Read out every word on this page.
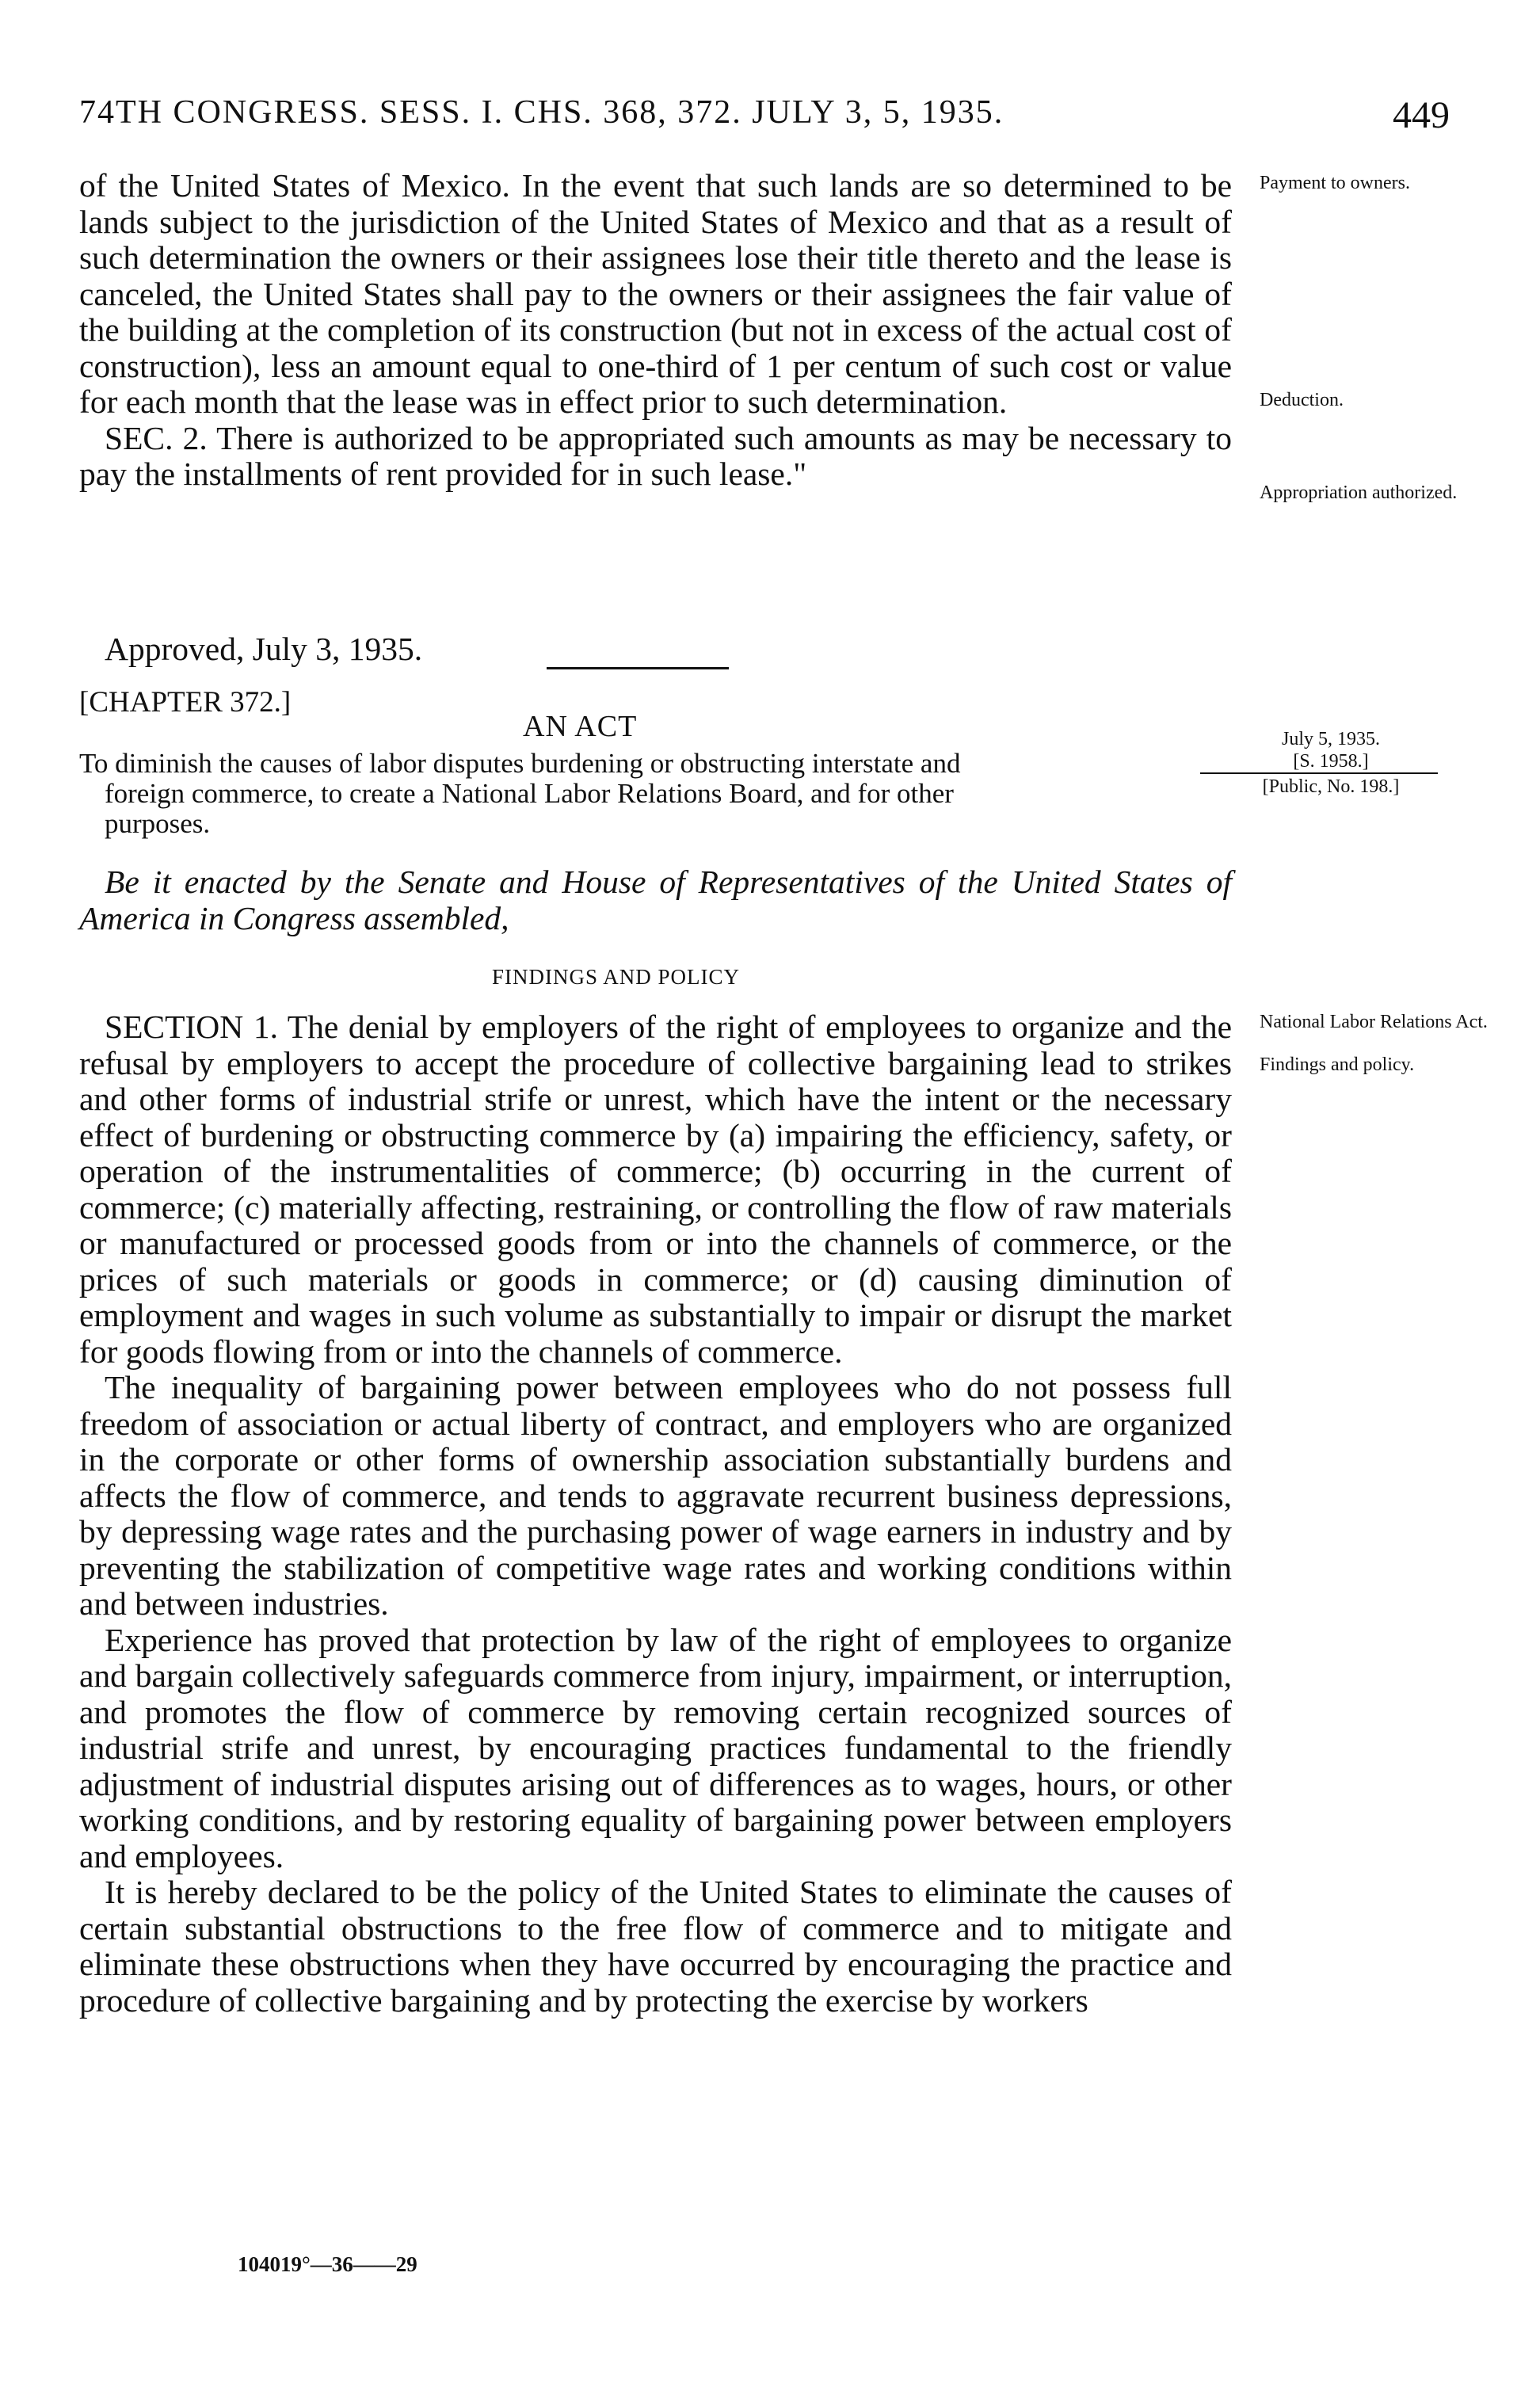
74TH CONGRESS. SESS. I. CHS. 368, 372. JULY 3, 5, 1935.	449

of the United States of Mexico. In the event that such lands are so determined to be lands subject to the jurisdiction of the United States of Mexico and that as a result of such determination the owners or their assignees lose their title thereto and the lease is canceled, the United States shall pay to the owners or their assignees the fair value of the building at the completion of its construction (but not in excess of the actual cost of construction), less an amount equal to one-third of 1 per centum of such cost or value for each month that the lease was in effect prior to such determination.

SEC. 2. There is authorized to be appropriated such amounts as may be necessary to pay the installments of rent provided for in such lease."

Approved, July 3, 1935.
Payment to owners.
Deduction.
Appropriation authorized.
[CHAPTER 372.]
AN ACT	July 5, 1935.
[S. 1958.]
[Public, No. 198.]
To diminish the causes of labor disputes burdening or obstructing interstate and
foreign commerce, to create a National Labor Relations Board, and for other
purposes.
Be it enacted by the Senate and House of Representatives of the United States of America in Congress assembled,
FINDINGS AND POLICY
National Labor Relations Act.
Findings and policy.

SECTION 1. The denial by employers of the right of employees to organize and the refusal by employers to accept the procedure of collective bargaining lead to strikes and other forms of industrial strife or unrest, which have the intent or the necessary effect of burdening or obstructing commerce by (a) impairing the efficiency, safety, or operation of the instrumentalities of commerce; (b) occurring in the current of commerce; (c) materially affecting, restraining, or controlling the flow of raw materials or manufactured or processed goods from or into the channels of commerce, or the prices of such materials or goods in commerce; or (d) causing diminution of employment and wages in such volume as substantially to impair or disrupt the market for goods flowing from or into the channels of commerce.

The inequality of bargaining power between employees who do not possess full freedom of association or actual liberty of contract, and employers who are organized in the corporate or other forms of ownership association substantially burdens and affects the flow of commerce, and tends to aggravate recurrent business depressions, by depressing wage rates and the purchasing power of wage earners in industry and by preventing the stabilization of competitive wage rates and working conditions within and between industries.

Experience has proved that protection by law of the right of employees to organize and bargain collectively safeguards commerce from injury, impairment, or interruption, and promotes the flow of commerce by removing certain recognized sources of industrial strife and unrest, by encouraging practices fundamental to the friendly adjustment of industrial disputes arising out of differences as to wages, hours, or other working conditions, and by restoring equality of bargaining power between employers and employees.

It is hereby declared to be the policy of the United States to eliminate the causes of certain substantial obstructions to the free flow of commerce and to mitigate and eliminate these obstructions when they have occurred by encouraging the practice and procedure of collective bargaining and by protecting the exercise by workers

104019°—36——29
